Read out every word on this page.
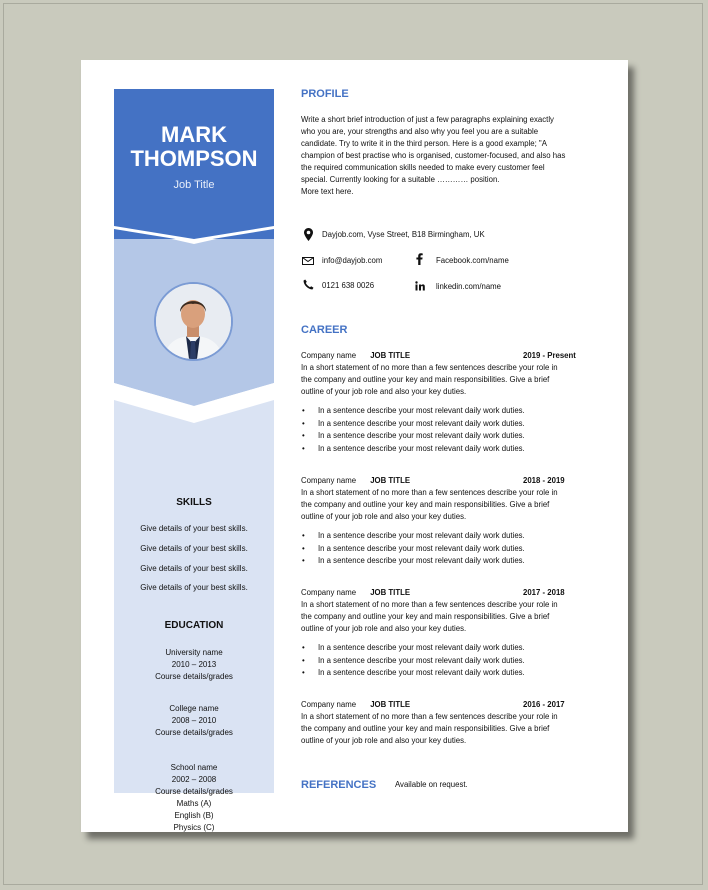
MARK
THOMPSON
Job Title
SKILLS
Give details of your best skills.
Give details of your best skills.
Give details of your best skills.
Give details of your best skills.
EDUCATION
University name
2010 – 2013
Course details/grades
College name
2008 – 2010
Course details/grades
School name
2002 – 2008
Course details/grades
Maths (A)
English (B)
Physics (C)
PROFILE
Write a short brief introduction of just a few paragraphs explaining exactly
who you are, your strengths and also why you feel you are a suitable
candidate. Try to write it in the third person. Here is a good example; "A
champion of best practise who is organised, customer-focused, and also has
the required communication skills needed to make every customer feel
special. Currently looking for a suitable ………… position.
More text here.
Dayjob.com, Vyse Street, B18 Birmingham, UK
info@dayjob.com	Facebook.com/name
0121 638 0026	linkedin.com/name
CAREER
Company name JOB TITLE	2019 - Present
In a short statement of no more than a few sentences describe your role in
the company and outline your key and main responsibilities. Give a brief
outline of your job role and also your key duties.
• In a sentence describe your most relevant daily work duties.
• In a sentence describe your most relevant daily work duties.
• In a sentence describe your most relevant daily work duties.
• In a sentence describe your most relevant daily work duties.
Company name JOB TITLE	2018 - 2019
In a short statement of no more than a few sentences describe your role in
the company and outline your key and main responsibilities. Give a brief
outline of your job role and also your key duties.
• In a sentence describe your most relevant daily work duties.
• In a sentence describe your most relevant daily work duties.
• In a sentence describe your most relevant daily work duties.
Company name JOB TITLE	2017 - 2018
In a short statement of no more than a few sentences describe your role in
the company and outline your key and main responsibilities. Give a brief
outline of your job role and also your key duties.
• In a sentence describe your most relevant daily work duties.
• In a sentence describe your most relevant daily work duties.
• In a sentence describe your most relevant daily work duties.
Company name JOB TITLE	2016 - 2017
In a short statement of no more than a few sentences describe your role in
the company and outline your key and main responsibilities. Give a brief
outline of your job role and also your key duties.
REFERENCES Available on request.
